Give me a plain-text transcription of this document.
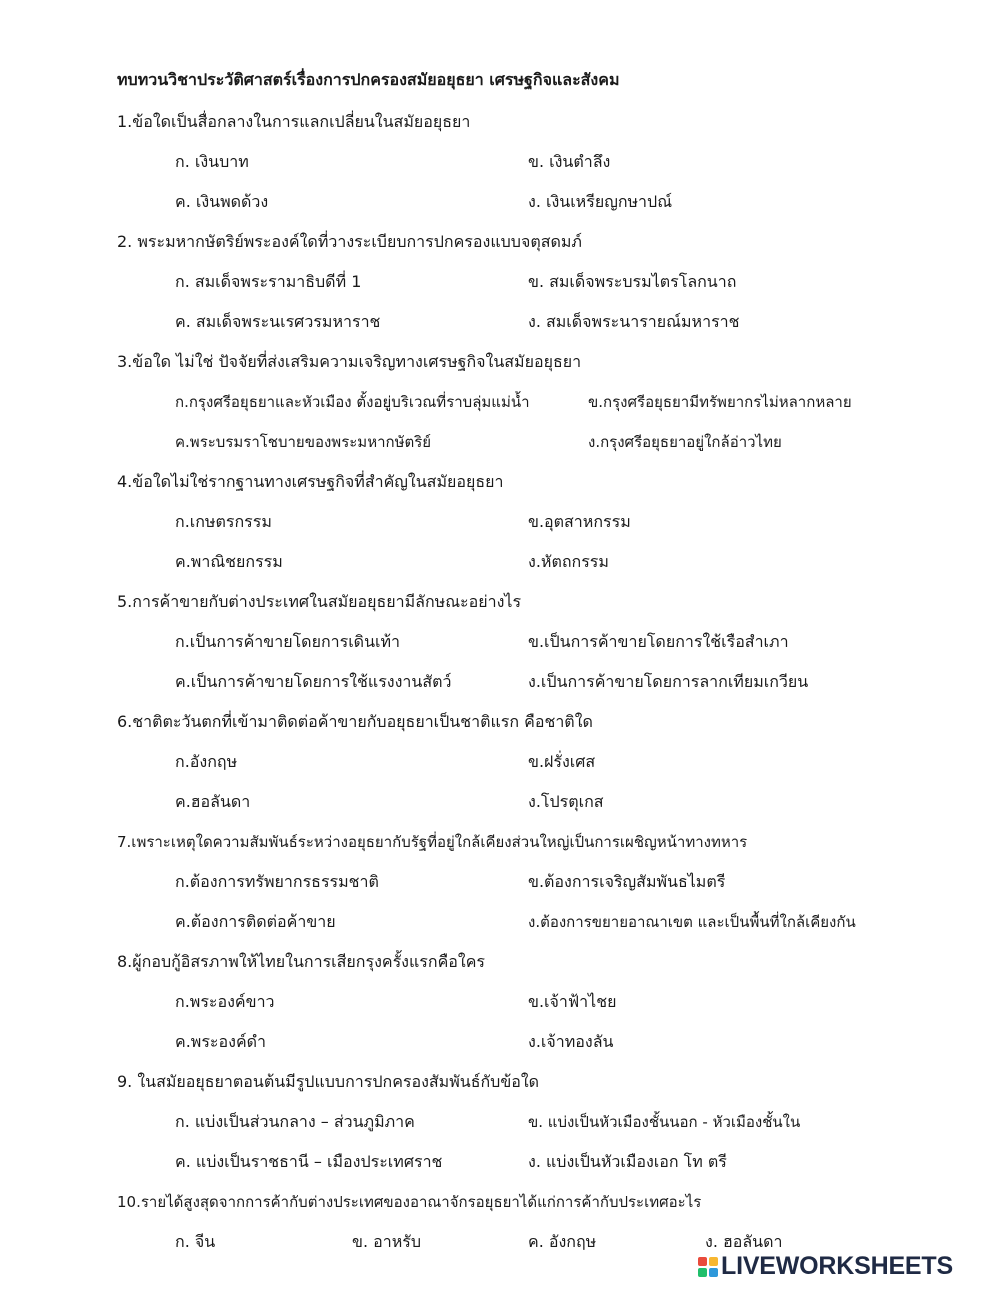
ทบทวนวิชาประวัติศาสตร์เรื่องการปกครองสมัยอยุธยา เศรษฐกิจและสังคม
1.ข้อใดเป็นสื่อกลางในการแลกเปลี่ยนในสมัยอยุธยา
ก. เงินบาท	ข. เงินตำลึง
ค. เงินพดด้วง	ง. เงินเหรียญกษาปณ์
2. พระมหากษัตริย์พระองค์ใดที่วางระเบียบการปกครองแบบจตุสดมภ์
ก. สมเด็จพระรามาธิบดีที่ 1	ข. สมเด็จพระบรมไตรโลกนาถ
ค. สมเด็จพระนเรศวรมหาราช	ง. สมเด็จพระนารายณ์มหาราช
3.ข้อใด ไม่ใช่ ปัจจัยที่ส่งเสริมความเจริญทางเศรษฐกิจในสมัยอยุธยา
ก.กรุงศรีอยุธยาและหัวเมือง ตั้งอยู่บริเวณที่ราบลุ่มแม่น้ำ	ข.กรุงศรีอยุธยามีทรัพยากรไม่หลากหลาย
ค.พระบรมราโชบายของพระมหากษัตริย์	ง.กรุงศรีอยุธยาอยู่ใกล้อ่าวไทย
4.ข้อใดไม่ใช่รากฐานทางเศรษฐกิจที่สำคัญในสมัยอยุธยา
ก.เกษตรกรรม	ข.อุตสาหกรรม
ค.พาณิชยกรรม	ง.หัตถกรรม
5.การค้าขายกับต่างประเทศในสมัยอยุธยามีลักษณะอย่างไร
ก.เป็นการค้าขายโดยการเดินเท้า	ข.เป็นการค้าขายโดยการใช้เรือสำเภา
ค.เป็นการค้าขายโดยการใช้แรงงานสัตว์	ง.เป็นการค้าขายโดยการลากเทียมเกวียน
6.ชาติตะวันตกที่เข้ามาติดต่อค้าขายกับอยุธยาเป็นชาติแรก คือชาติใด
ก.อังกฤษ	ข.ฝรั่งเศส
ค.ฮอลันดา	ง.โปรตุเกส
7.เพราะเหตุใดความสัมพันธ์ระหว่างอยุธยากับรัฐที่อยู่ใกล้เคียงส่วนใหญ่เป็นการเผชิญหน้าทางทหาร
ก.ต้องการทรัพยากรธรรมชาติ	ข.ต้องการเจริญสัมพันธไมตรี
ค.ต้องการติดต่อค้าขาย	ง.ต้องการขยายอาณาเขต และเป็นพื้นที่ใกล้เคียงกัน
8.ผู้กอบกู้อิสรภาพให้ไทยในการเสียกรุงครั้งแรกคือใคร
ก.พระองค์ขาว	ข.เจ้าฟ้าไชย
ค.พระองค์ดำ	ง.เจ้าทองลัน
9. ในสมัยอยุธยาตอนต้นมีรูปแบบการปกครองสัมพันธ์กับข้อใด
ก. แบ่งเป็นส่วนกลาง – ส่วนภูมิภาค	ข. แบ่งเป็นหัวเมืองชั้นนอก - หัวเมืองชั้นใน
ค. แบ่งเป็นราชธานี – เมืองประเทศราช	ง. แบ่งเป็นหัวเมืองเอก โท ตรี
10.รายได้สูงสุดจากการค้ากับต่างประเทศของอาณาจักรอยุธยาได้แก่การค้ากับประเทศอะไร
ก. จีน	ข. อาหรับ	ค. อังกฤษ	ง. ฮอลันดา
LIVEWORKSHEETS
